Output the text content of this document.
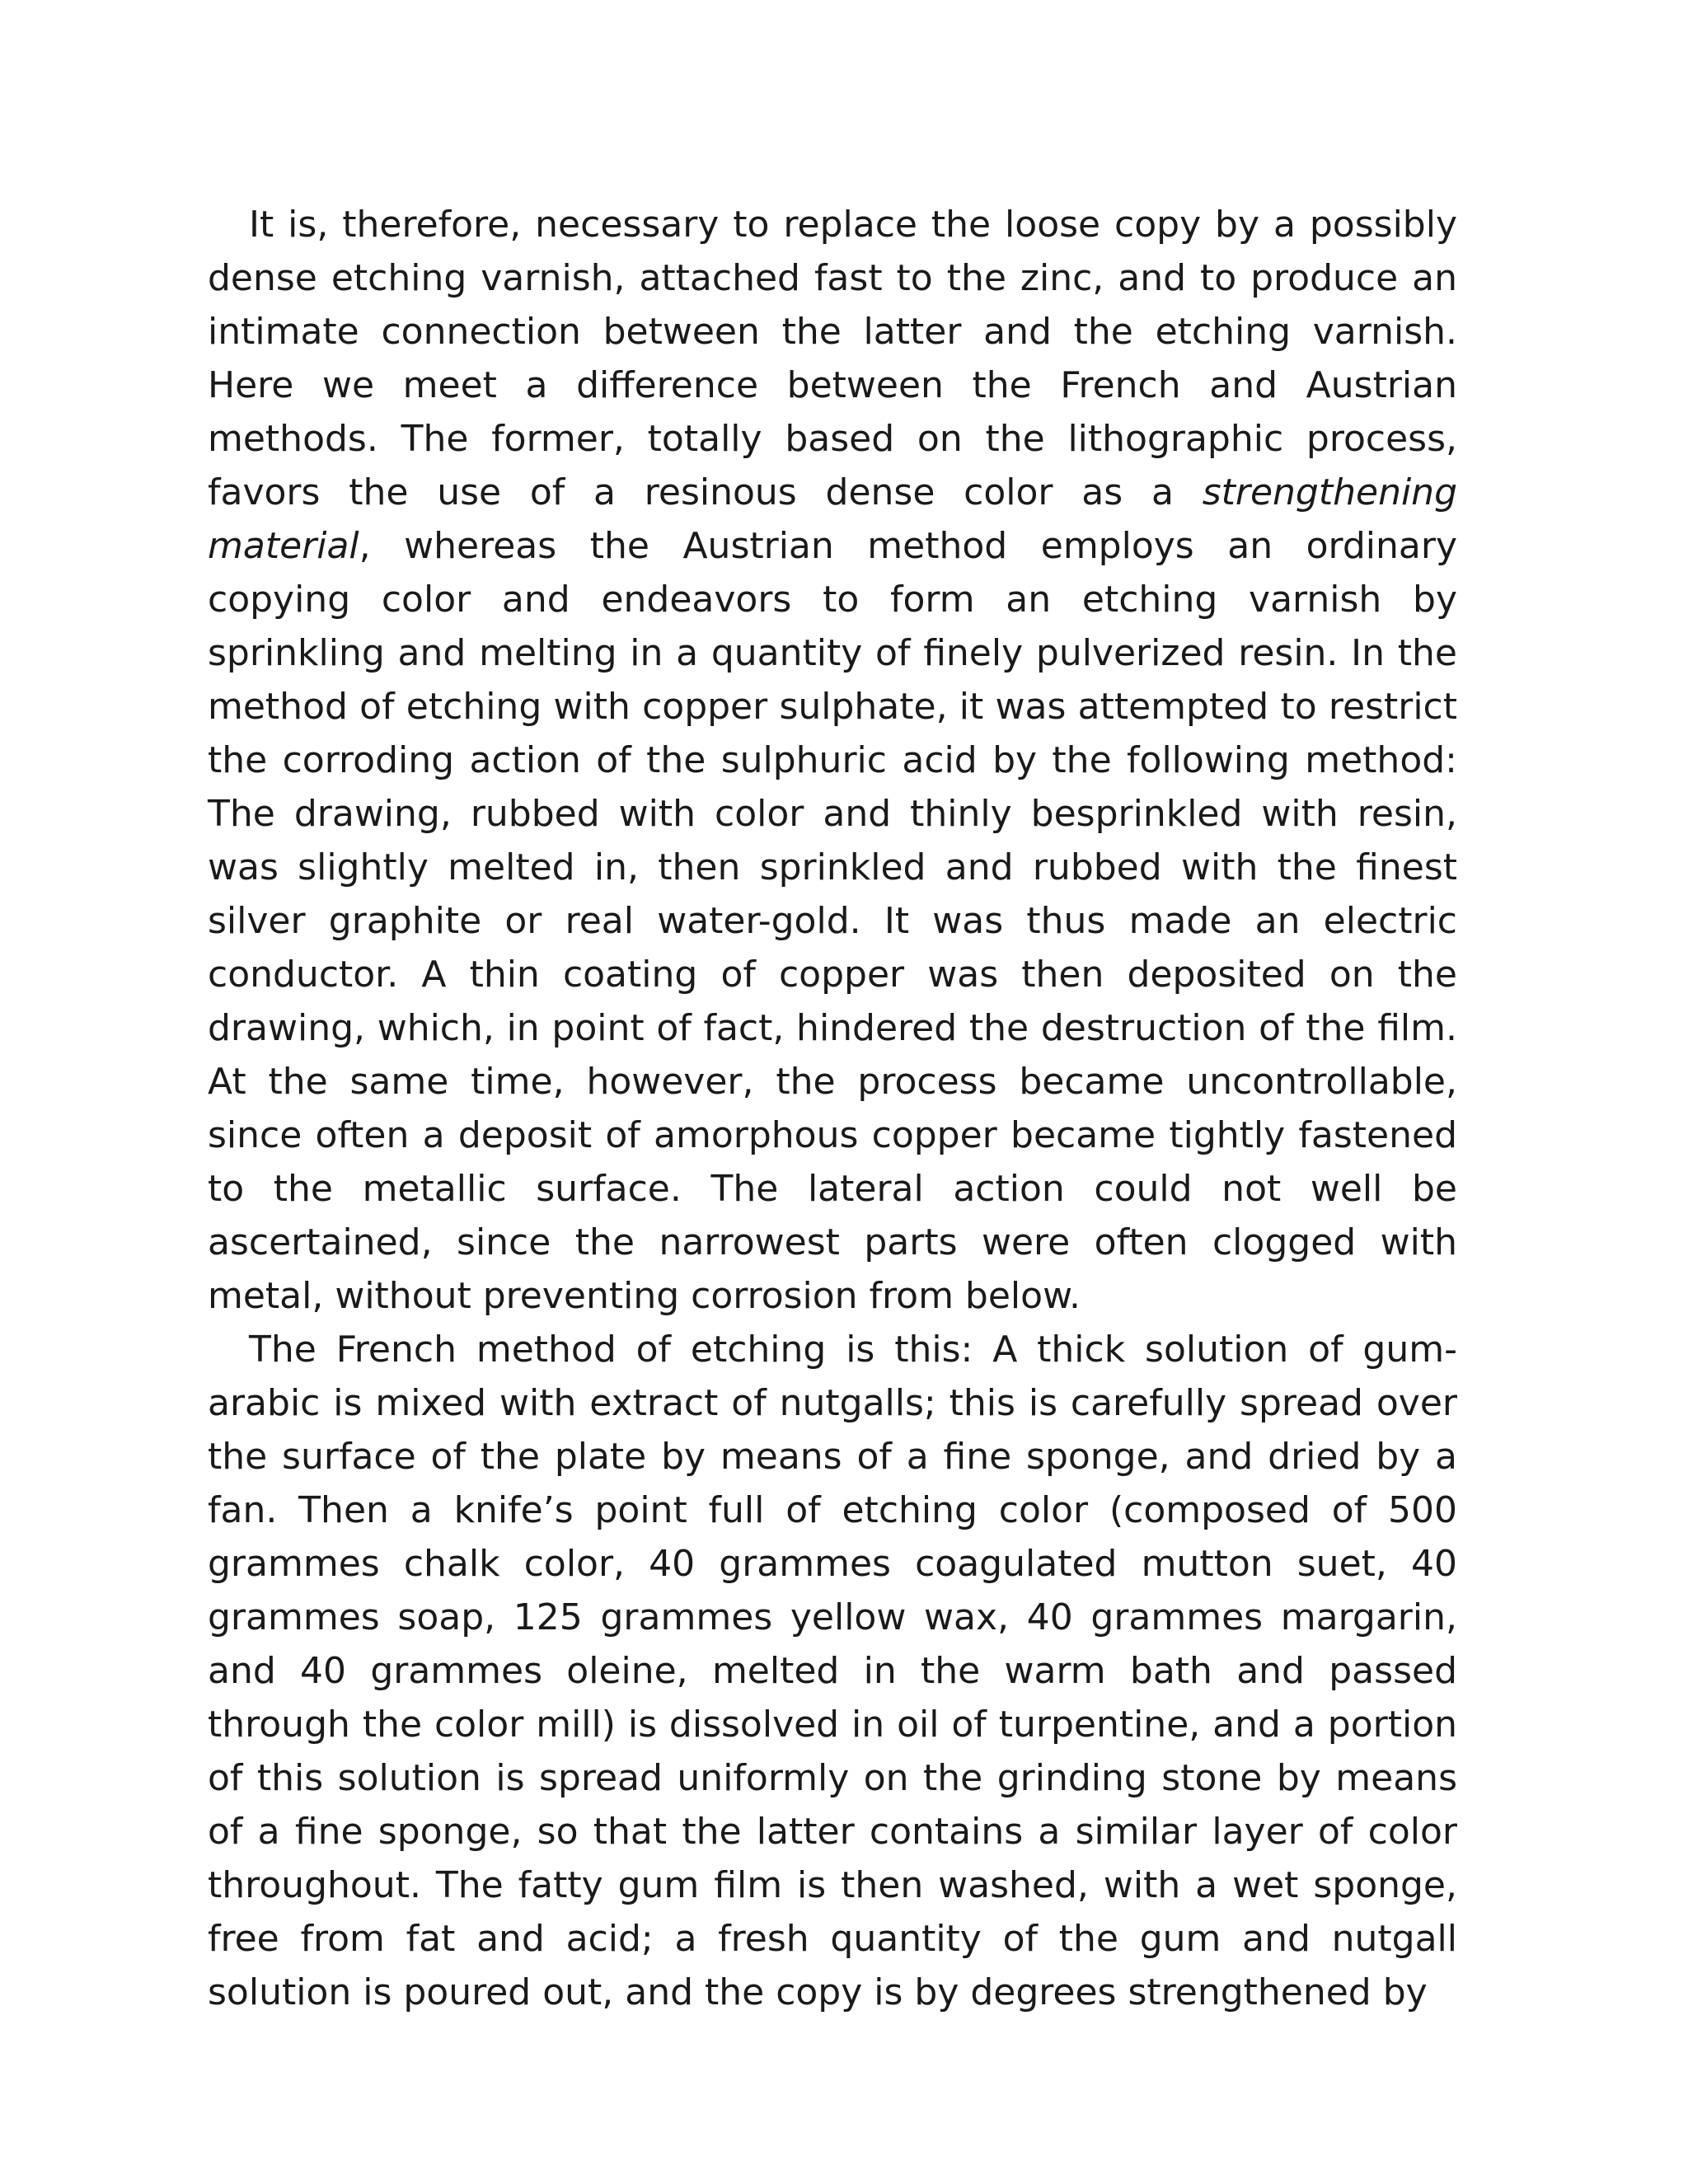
It is, therefore, necessary to replace the loose copy by a possibly dense etching varnish, attached fast to the zinc, and to produce an intimate connection between the latter and the etching varnish. Here we meet a difference between the French and Austrian methods. The former, totally based on the lithographic process, favors the use of a resinous dense color as a strengthening material, whereas the Austrian method employs an ordinary copying color and endeavors to form an etching varnish by sprinkling and melting in a quantity of finely pulverized resin. In the method of etching with copper sulphate, it was attempted to restrict the corroding action of the sulphuric acid by the following method: The drawing, rubbed with color and thinly besprinkled with resin, was slightly melted in, then sprinkled and rubbed with the finest silver graphite or real water-gold. It was thus made an electric conductor. A thin coating of copper was then deposited on the drawing, which, in point of fact, hindered the destruction of the film. At the same time, however, the process became uncontrollable, since often a deposit of amorphous copper became tightly fastened to the metallic surface. The lateral action could not well be ascertained, since the narrowest parts were often clogged with metal, without preventing corrosion from below.

The French method of etching is this: A thick solution of gum-arabic is mixed with extract of nutgalls; this is carefully spread over the surface of the plate by means of a fine sponge, and dried by a fan. Then a knife’s point full of etching color (composed of 500 grammes chalk color, 40 grammes coagulated mutton suet, 40 grammes soap, 125 grammes yellow wax, 40 grammes margarin, and 40 grammes oleine, melted in the warm bath and passed through the color mill) is dissolved in oil of turpentine, and a portion of this solution is spread uniformly on the grinding stone by means of a fine sponge, so that the latter contains a similar layer of color throughout. The fatty gum film is then washed, with a wet sponge, free from fat and acid; a fresh quantity of the gum and nutgall solution is poured out, and the copy is by degrees strengthened by
